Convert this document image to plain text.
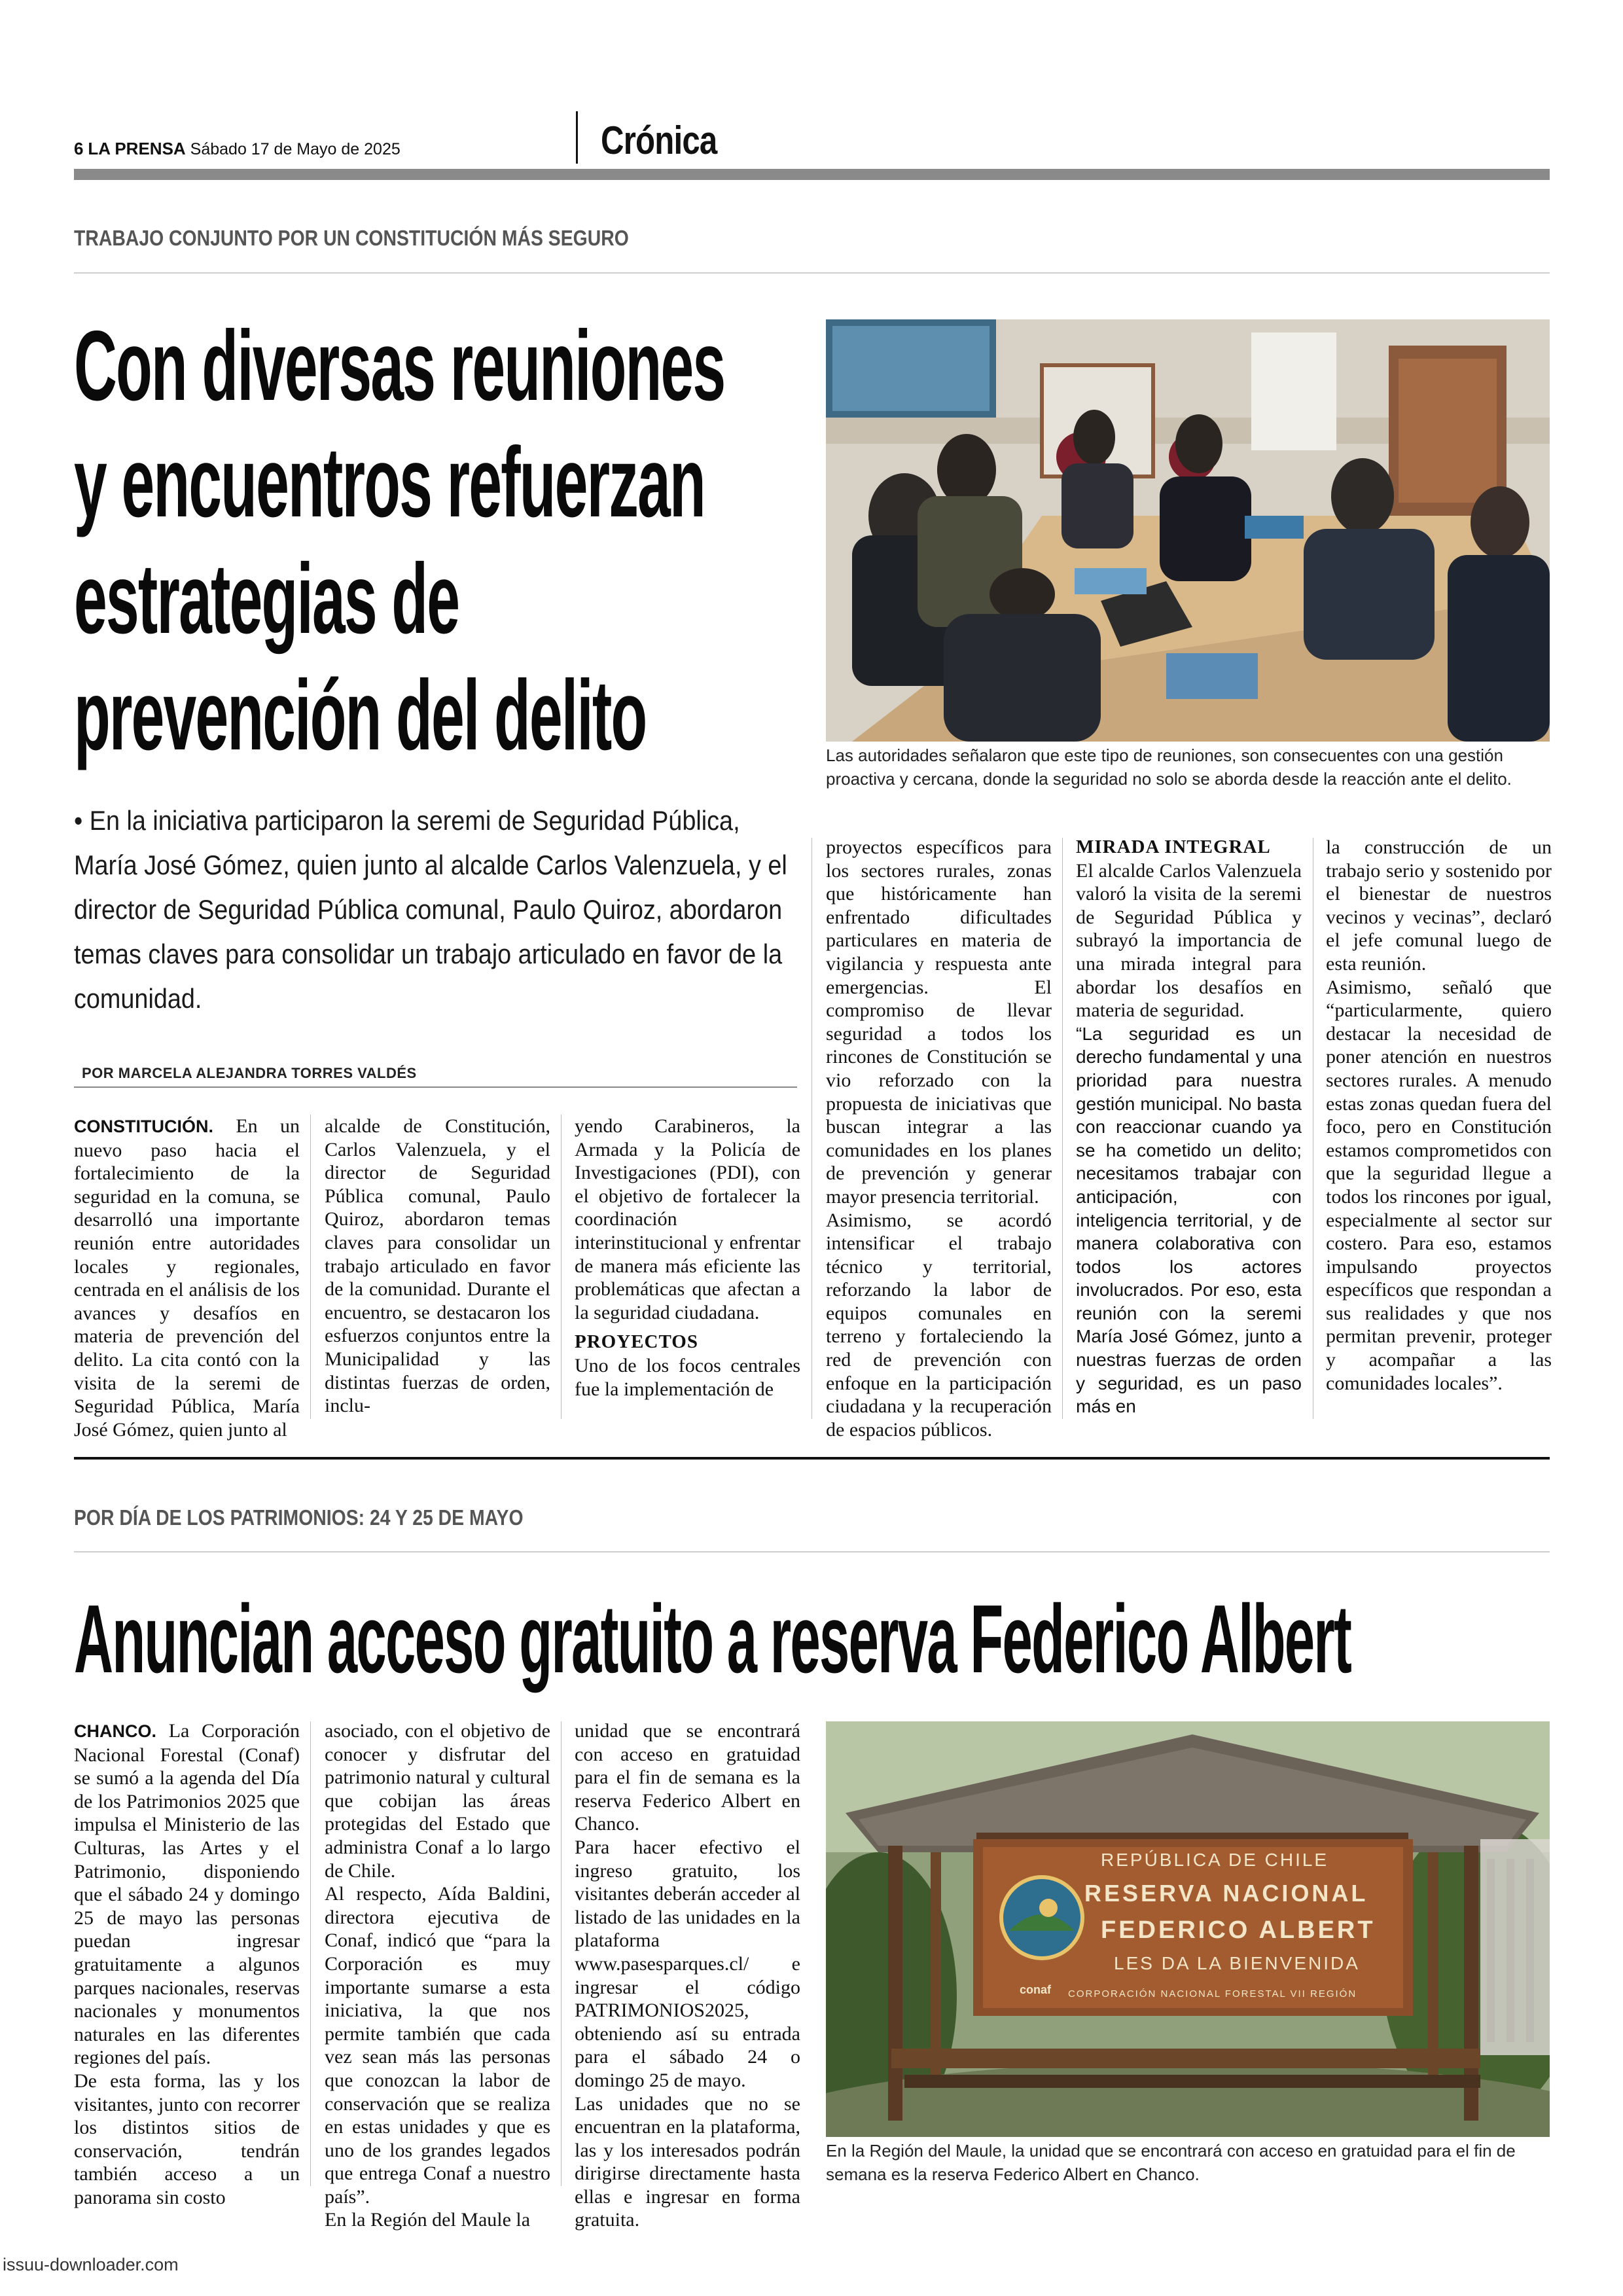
6 LA PRENSA Sábado 17 de Mayo de 2025	Crónica
TRABAJO CONJUNTO POR UN CONSTITUCIÓN MÁS SEGURO
Con diversas reuniones
y encuentros refuerzan
estrategias de
prevención del delito	Las autoridades señalaron que este tipo de reuniones, son consecuentes con una gestión proactiva y cercana, donde la seguridad no solo se aborda desde la reacción ante el delito.
• En la iniciativa participaron la seremi de Seguridad Pública, María José Gómez, quien junto al alcalde Carlos Valenzuela, y el director de Seguridad Pública comunal, Paulo Quiroz, abordaron temas claves para consolidar un trabajo articulado en favor de la comunidad.
POR MARCELA ALEJANDRA TORRES VALDÉS
CONSTITUCIÓN. En un nuevo paso hacia el fortalecimiento de la seguridad en la comuna, se desarrolló una importante reunión entre autoridades locales y regionales, centrada en el análisis de los avances y desafíos en materia de prevención del delito. La cita contó con la visita de la seremi de Seguridad Pública, María José Gómez, quien junto al
alcalde de Constitución, Carlos Valenzuela, y el director de Seguridad Pública comunal, Paulo Quiroz, abordaron temas claves para consolidar un trabajo articulado en favor de la comunidad. Durante el encuentro, se destacaron los esfuerzos conjuntos entre la Municipalidad y las distintas fuerzas de orden, inclu-
yendo Carabineros, la Armada y la Policía de Investigaciones (PDI), con el objetivo de fortalecer la coordinación interinstitucional y enfrentar de manera más eficiente las problemáticas que afectan a la seguridad ciudadana.
PROYECTOS
Uno de los focos centrales fue la implementación de

proyectos específicos para los sectores rurales, zonas que históricamente han enfrentado dificultades particulares en materia de vigilancia y respuesta ante emergencias. El compromiso de llevar seguridad a todos los rincones de Constitución se vio reforzado con la propuesta de iniciativas que buscan integrar a las comunidades en los planes de prevención y generar mayor presencia territorial.

Asimismo, se acordó intensificar el trabajo técnico y territorial, reforzando la labor de equipos comunales en terreno y fortaleciendo la red de prevención con enfoque en la participación ciudadana y la recuperación de espacios públicos.

MIRADA INTEGRAL

El alcalde Carlos Valenzuela valoró la visita de la seremi de Seguridad Pública y subrayó la importancia de una mirada integral para abordar los desafíos en materia de seguridad.

“La seguridad es un derecho fundamental y una prioridad para nuestra gestión municipal. No basta con reaccionar cuando ya se ha cometido un delito; necesitamos trabajar con anticipación, con inteligencia territorial, y de manera colaborativa con todos los actores involucrados. Por eso, esta reunión con la seremi María José Gómez, junto a nuestras fuerzas de orden y seguridad, es un paso más en

la construcción de un trabajo serio y sostenido por el bienestar de nuestros vecinos y vecinas”, declaró el jefe comunal luego de esta reunión.

Asimismo, señaló que “particularmente, quiero destacar la necesidad de poner atención en nuestros sectores rurales. A menudo estas zonas quedan fuera del foco, pero en Constitución estamos comprometidos con que la seguridad llegue a todos los rincones por igual, especialmente al sector sur costero. Para eso, estamos impulsando proyectos específicos que respondan a sus realidades y que nos permitan prevenir, proteger y acompañar a las comunidades locales”.

POR DÍA DE LOS PATRIMONIOS: 24 Y 25 DE MAYO
Anuncian acceso gratuito a reserva Federico Albert
CHANCO. La Corporación Nacional Forestal (Conaf) se sumó a la agenda del Día de los Patrimonios 2025 que impulsa el Ministerio de las Culturas, las Artes y el Patrimonio, disponiendo que el sábado 24 y domingo 25 de mayo las personas puedan ingresar gratuitamente a algunos parques nacionales, reservas nacionales y monumentos naturales en las diferentes regiones del país.

De esta forma, las y los visitantes, junto con recorrer los distintos sitios de conservación, tendrán también acceso a un panorama sin costo

asociado, con el objetivo de conocer y disfrutar del patrimonio natural y cultural que cobijan las áreas protegidas del Estado que administra Conaf a lo largo de Chile.

Al respecto, Aída Baldini, directora ejecutiva de Conaf, indicó que “para la Corporación es muy importante sumarse a esta iniciativa, la que nos permite también que cada vez sean más las personas que conozcan la labor de conservación que se realiza en estas unidades y que es uno de los grandes legados que entrega Conaf a nuestro país”.

En la Región del Maule la

unidad que se encontrará con acceso en gratuidad para el fin de semana es la reserva Federico Albert en Chanco.

Para hacer efectivo el ingreso gratuito, los visitantes deberán acceder al listado de las unidades en la plataforma www.pasesparques.cl/ e ingresar el código PATRIMONIOS2025, obteniendo así su entrada para el sábado 24 o domingo 25 de mayo.

Las unidades que no se encuentran en la plataforma, las y los interesados podrán dirigirse directamente hasta ellas e ingresar en forma gratuita.

REPÚBLICA DE CHILE
RESERVA NACIONAL
FEDERICO ALBERT
LES DA LA BIENVENIDA
CORPORACIÓN NACIONAL FORESTAL VII REGIÓN
conaf
En la Región del Maule, la unidad que se encontrará con acceso en gratuidad para el fin de semana es la reserva Federico Albert en Chanco.
issuu-downloader.com
